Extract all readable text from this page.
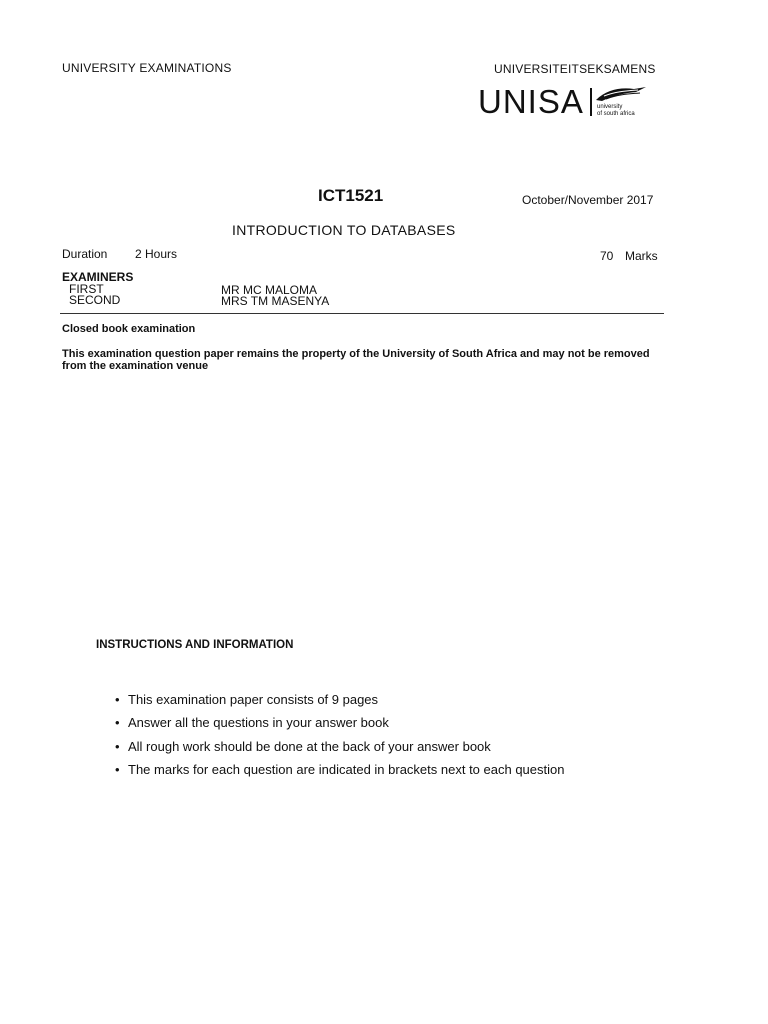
UNIVERSITY EXAMINATIONS	UNIVERSITEITSEKSAMENS
UNISA university
of south africa
ICT1521	October/November 2017
INTRODUCTION TO DATABASES
Duration 2 Hours	70 Marks
EXAMINERS
FIRST	MR MC MALOMA
SECOND	MRS TM MASENYA
Closed book examination
This examination question paper remains the property of the University of South Africa and may not be removed from the examination venue
INSTRUCTIONS AND INFORMATION
• This examination paper consists of 9 pages
• Answer all the questions in your answer book
• All rough work should be done at the back of your answer book
• The marks for each question are indicated in brackets next to each question
